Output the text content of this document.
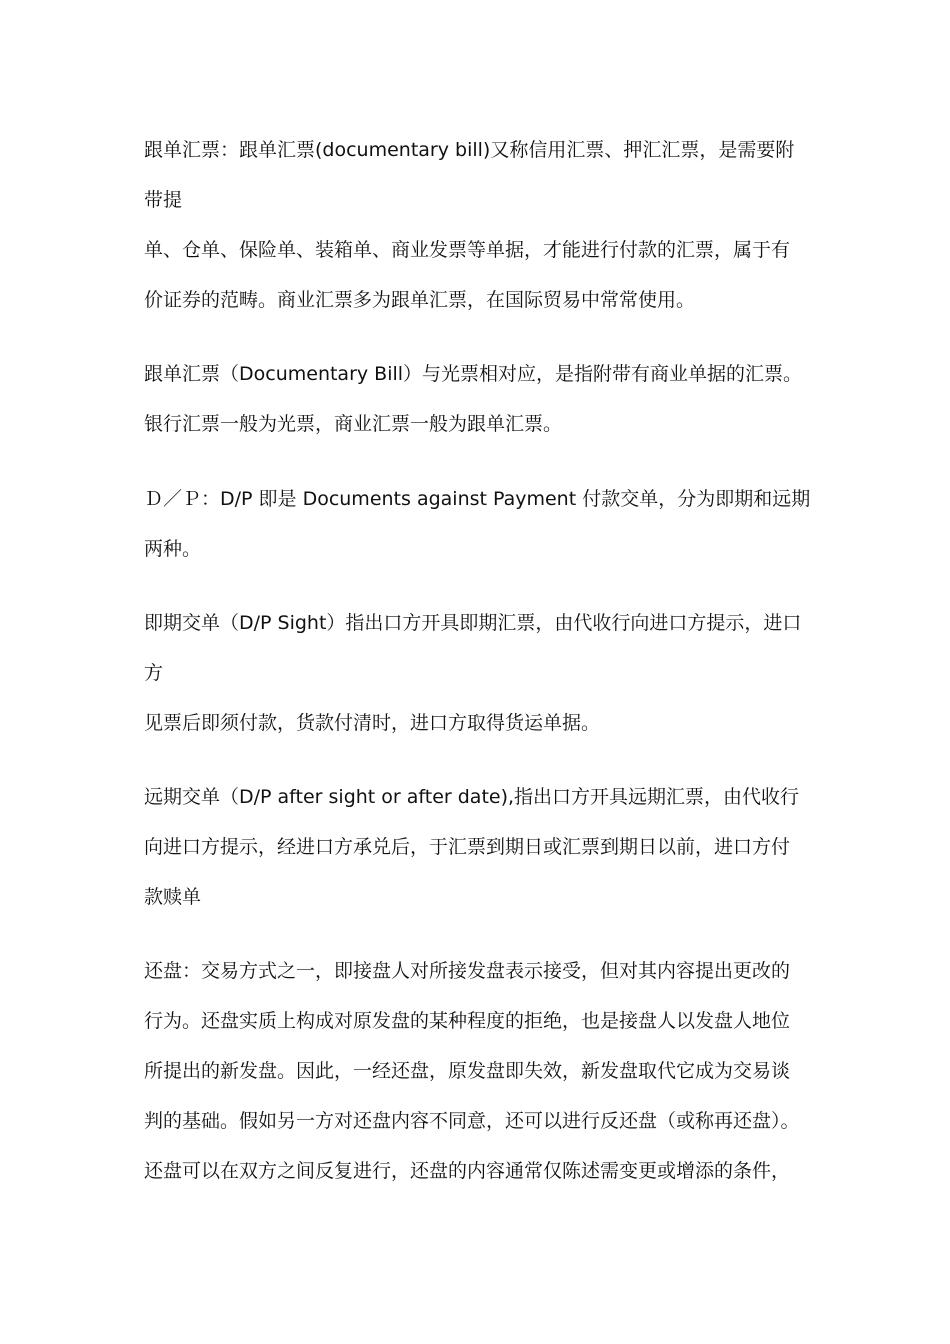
跟单汇票：跟单汇票(documentary bill)又称信用汇票、押汇汇票，是需要附
带提
单、仓单、保险单、装箱单、商业发票等单据，才能进行付款的汇票，属于有
价证券的范畴。商业汇票多为跟单汇票，在国际贸易中常常使用。
跟单汇票（Documentary Bill）与光票相对应，是指附带有商业单据的汇票。
银行汇票一般为光票，商业汇票一般为跟单汇票。
Ｄ／Ｐ：D/P 即是 Documents against Payment 付款交单，分为即期和远期
两种。
即期交单（D/P Sight）指出口方开具即期汇票，由代收行向进口方提示，进口
方
见票后即须付款，货款付清时，进口方取得货运单据。
远期交单（D/P after sight or after date),指出口方开具远期汇票，由代收行
向进口方提示，经进口方承兑后，于汇票到期日或汇票到期日以前，进口方付
款赎单
还盘：交易方式之一，即接盘人对所接发盘表示接受，但对其内容提出更改的
行为。还盘实质上构成对原发盘的某种程度的拒绝，也是接盘人以发盘人地位
所提出的新发盘。因此，一经还盘，原发盘即失效，新发盘取代它成为交易谈
判的基础。假如另一方对还盘内容不同意，还可以进行反还盘（或称再还盘）。
还盘可以在双方之间反复进行，还盘的内容通常仅陈述需变更或增添的条件，
